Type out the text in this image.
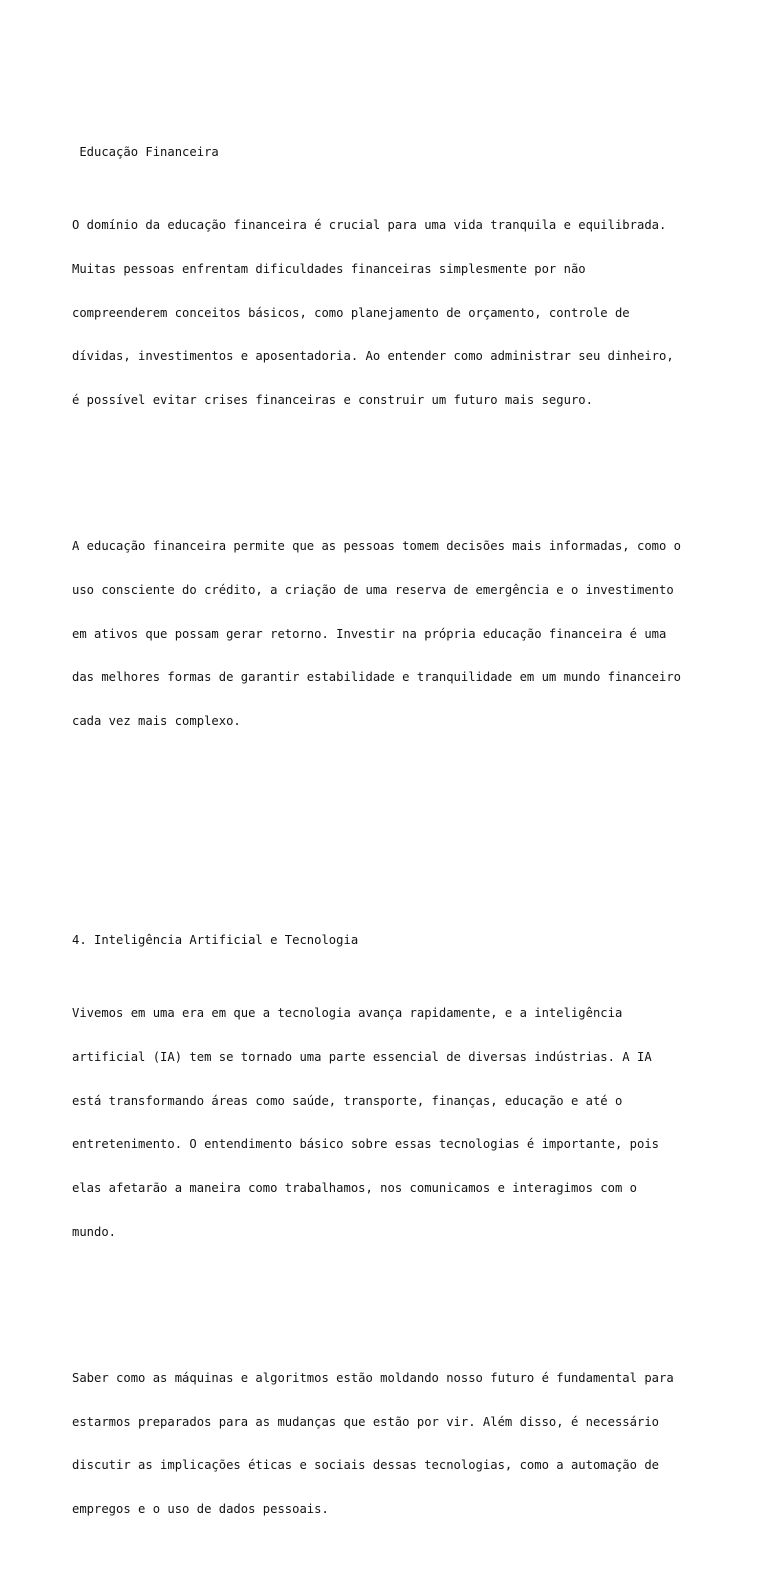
Educação Financeira

O domínio da educação financeira é crucial para uma vida tranquila e equilibrada.

Muitas pessoas enfrentam dificuldades financeiras simplesmente por não

compreenderem conceitos básicos, como planejamento de orçamento, controle de

dívidas, investimentos e aposentadoria. Ao entender como administrar seu dinheiro,

é possível evitar crises financeiras e construir um futuro mais seguro.

A educação financeira permite que as pessoas tomem decisões mais informadas, como o

uso consciente do crédito, a criação de uma reserva de emergência e o investimento

em ativos que possam gerar retorno. Investir na própria educação financeira é uma

das melhores formas de garantir estabilidade e tranquilidade em um mundo financeiro

cada vez mais complexo.

4. Inteligência Artificial e Tecnologia

Vivemos em uma era em que a tecnologia avança rapidamente, e a inteligência

artificial (IA) tem se tornado uma parte essencial de diversas indústrias. A IA

está transformando áreas como saúde, transporte, finanças, educação e até o

entretenimento. O entendimento básico sobre essas tecnologias é importante, pois

elas afetarão a maneira como trabalhamos, nos comunicamos e interagimos com o

mundo.

Saber como as máquinas e algoritmos estão moldando nosso futuro é fundamental para

estarmos preparados para as mudanças que estão por vir. Além disso, é necessário

discutir as implicações éticas e sociais dessas tecnologias, como a automação de

empregos e o uso de dados pessoais.
